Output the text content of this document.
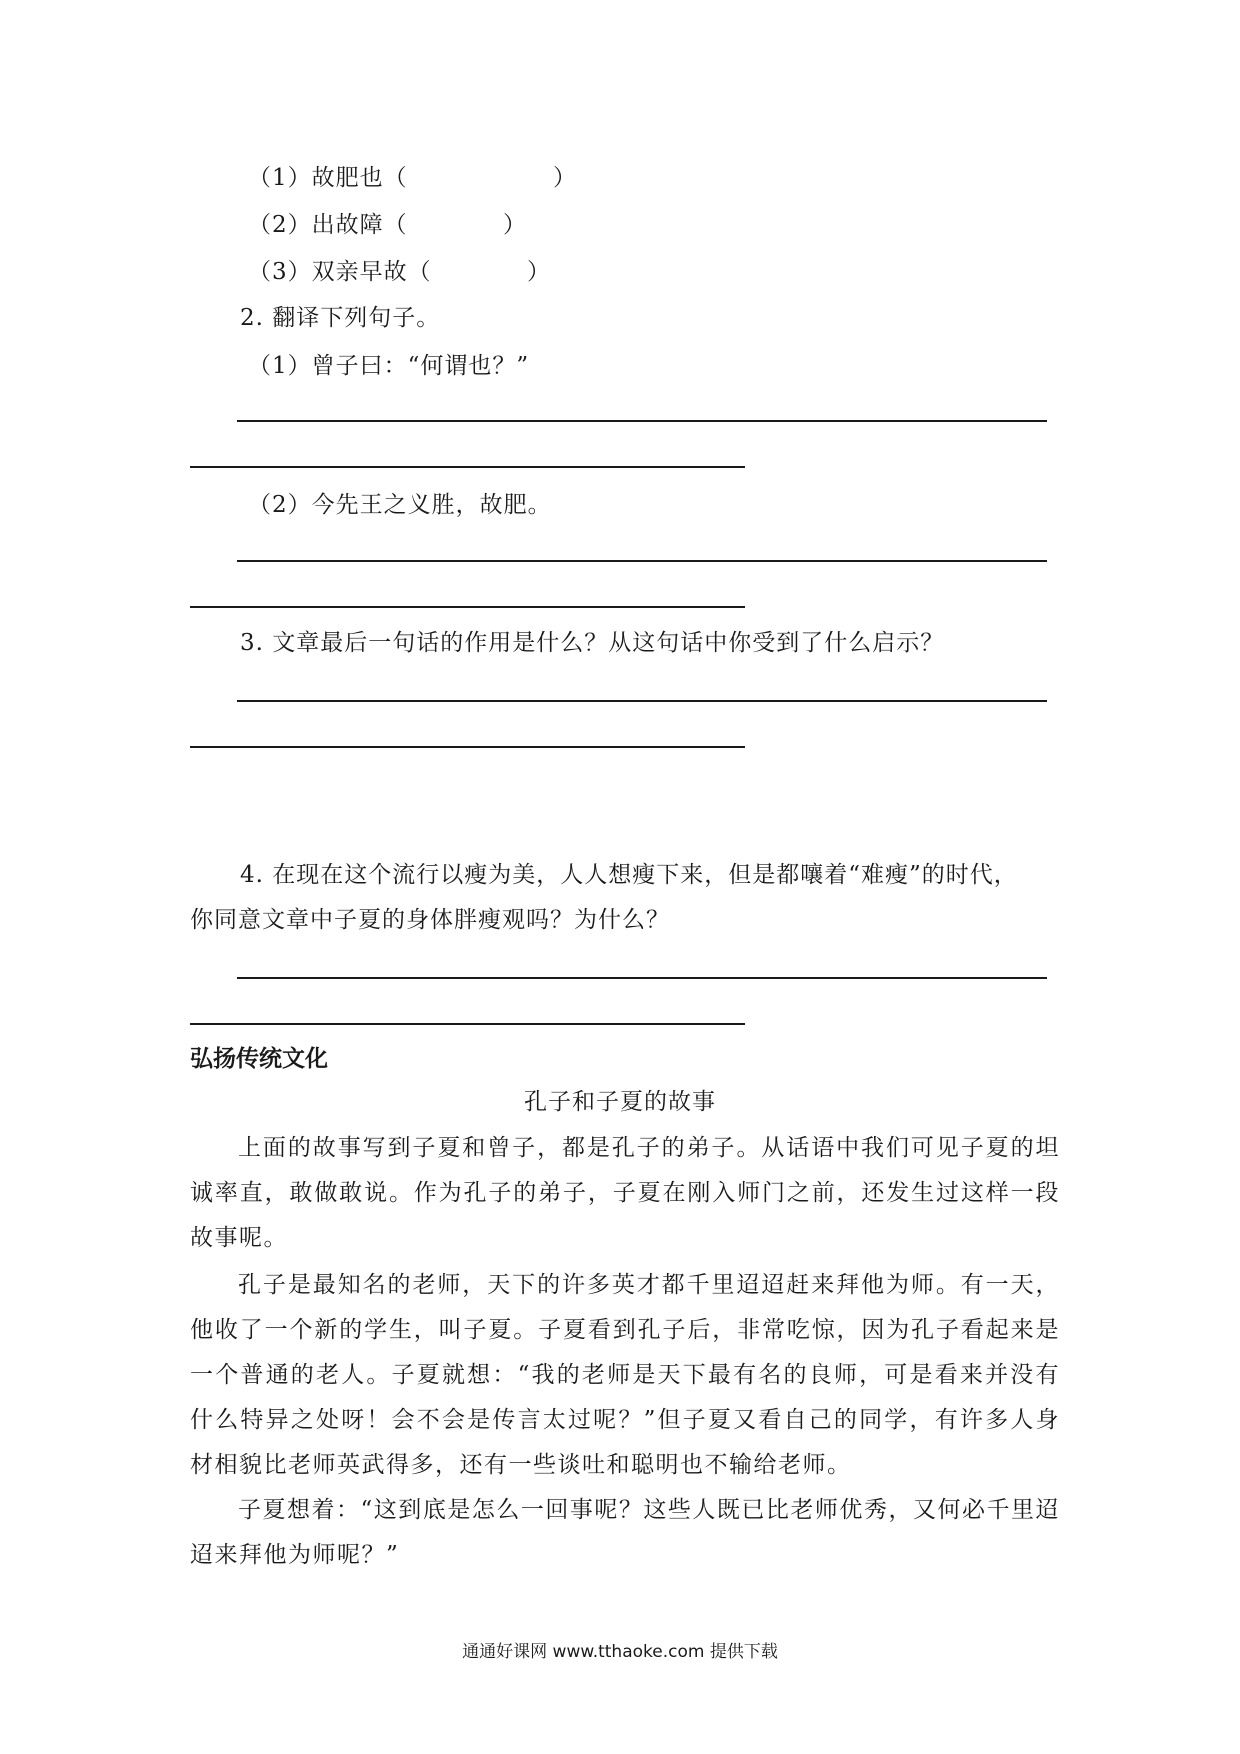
（1）故肥也（	）
（2）出故障（	）
（3）双亲早故（	）
2. 翻译下列句子。
（1）曾子曰：“何谓也？”
（2）今先王之义胜，故肥。
3. 文章最后一句话的作用是什么？从这句话中你受到了什么启示？
4. 在现在这个流行以瘦为美，人人想瘦下来，但是都嚷着“难瘦”的时代，
你同意文章中子夏的身体胖瘦观吗？为什么？
弘扬传统文化
孔子和子夏的故事
上面的故事写到子夏和曾子，都是孔子的弟子。从话语中我们可见子夏的坦诚率直，敢做敢说。作为孔子的弟子，子夏在刚入师门之前，还发生过这样一段故事呢。
孔子是最知名的老师，天下的许多英才都千里迢迢赶来拜他为师。有一天，他收了一个新的学生，叫子夏。子夏看到孔子后，非常吃惊，因为孔子看起来是一个普通的老人。子夏就想：“我的老师是天下最有名的良师，可是看来并没有什么特异之处呀！会不会是传言太过呢？”但子夏又看自己的同学，有许多人身材相貌比老师英武得多，还有一些谈吐和聪明也不输给老师。
子夏想着：“这到底是怎么一回事呢？这些人既已比老师优秀，又何必千里迢迢来拜他为师呢？”
通通好课网 www.tthaoke.com 提供下载
